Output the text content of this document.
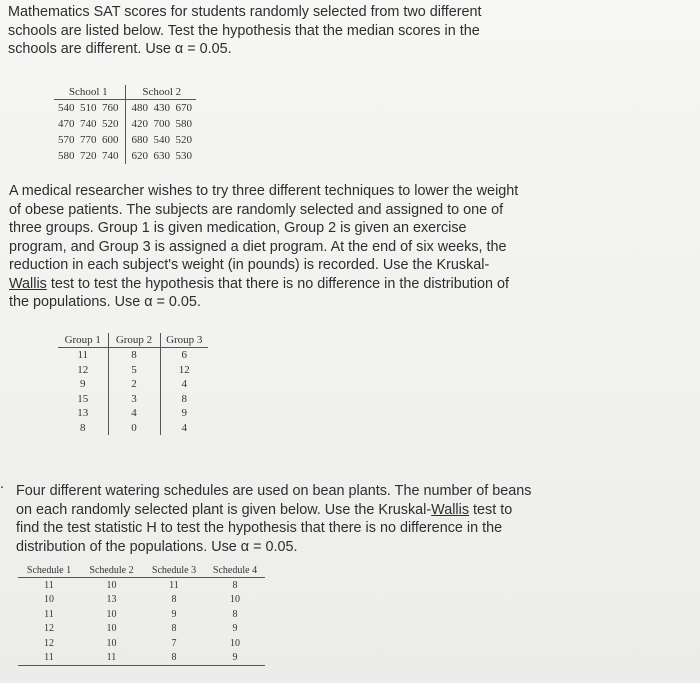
Mathematics SAT scores for students randomly selected from two different
schools are listed below. Test the hypothesis that the median scores in the
schools are different. Use α = 0.05.
School 1	School 2
540  510  760	480  430  670
470  740  520	420  700  580
570  770  600	680  540  520
580  720  740	620  630  530
A medical researcher wishes to try three different techniques to lower the weight
of obese patients. The subjects are randomly selected and assigned to one of
three groups. Group 1 is given medication, Group 2 is given an exercise
program, and Group 3 is assigned a diet program. At the end of six weeks, the
reduction in each subject's weight (in pounds) is recorded. Use the Kruskal-
Wallis test to test the hypothesis that there is no difference in the distribution of
the populations. Use α = 0.05.
Group 1	Group 2	Group 3
11	8	6
12	5	12
9	2	4
15	3	8
13	4	9
8	0	4
. Four different watering schedules are used on bean plants. The number of beans
on each randomly selected plant is given below. Use the Kruskal-Wallis test to
find the test statistic H to test the hypothesis that there is no difference in the
distribution of the populations. Use α = 0.05.
Schedule 1	Schedule 2	Schedule 3	Schedule 4
11	10	11	8
10	13	8	10
11	10	9	8
12	10	8	9
12	10	7	10
11	11	8	9
